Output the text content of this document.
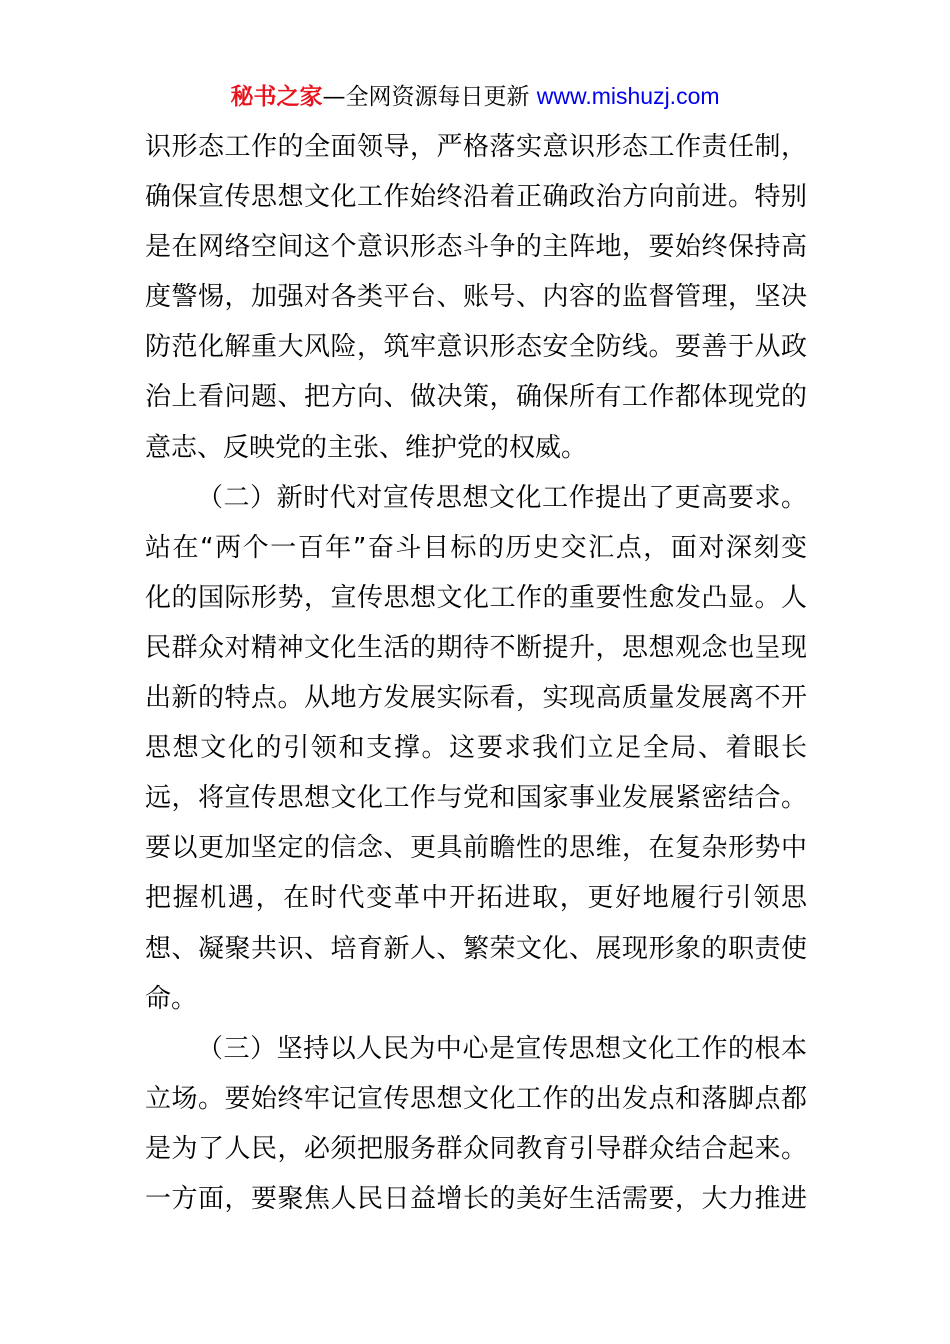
秘书之家—全网资源每日更新 www.mishuzj.com
识形态工作的全面领导，严格落实意识形态工作责任制，
确保宣传思想文化工作始终沿着正确政治方向前进。特别
是在网络空间这个意识形态斗争的主阵地，要始终保持高
度警惕，加强对各类平台、账号、内容的监督管理，坚决
防范化解重大风险，筑牢意识形态安全防线。要善于从政
治上看问题、把方向、做决策，确保所有工作都体现党的
意志、反映党的主张、维护党的权威。
（二）新时代对宣传思想文化工作提出了更高要求。
站在“两个一百年”奋斗目标的历史交汇点，面对深刻变
化的国际形势，宣传思想文化工作的重要性愈发凸显。人
民群众对精神文化生活的期待不断提升，思想观念也呈现
出新的特点。从地方发展实际看，实现高质量发展离不开
思想文化的引领和支撑。这要求我们立足全局、着眼长
远，将宣传思想文化工作与党和国家事业发展紧密结合。
要以更加坚定的信念、更具前瞻性的思维，在复杂形势中
把握机遇，在时代变革中开拓进取，更好地履行引领思
想、凝聚共识、培育新人、繁荣文化、展现形象的职责使
命。
（三）坚持以人民为中心是宣传思想文化工作的根本
立场。要始终牢记宣传思想文化工作的出发点和落脚点都
是为了人民，必须把服务群众同教育引导群众结合起来。
一方面，要聚焦人民日益增长的美好生活需要，大力推进
